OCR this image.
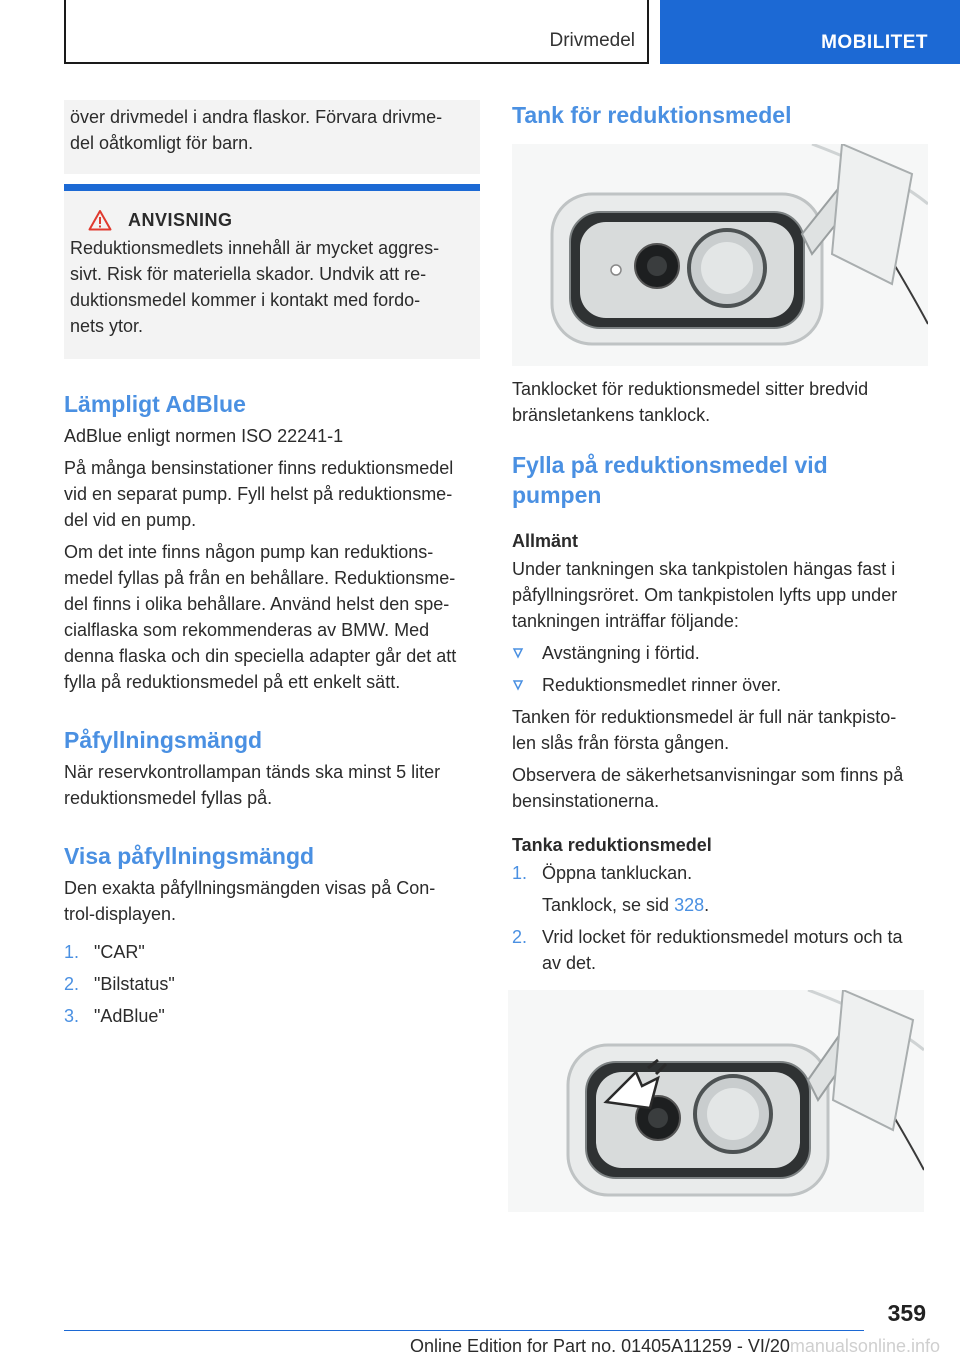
Drivmedel	MOBILITET

över drivmedel i andra flaskor. Förvara drivme-

del oåtkomligt för barn.

ANVISNING

Reduktionsmedlets innehåll är mycket aggres-

sivt. Risk för materiella skador. Undvik att re-

duktionsmedel kommer i kontakt med fordo-

nets ytor.

Lämpligt AdBlue

AdBlue enligt normen ISO 22241-1

På många bensinstationer finns reduktionsmedel

vid en separat pump. Fyll helst på reduktionsme-

del vid en pump.

Om det inte finns någon pump kan reduktions-

medel fyllas på från en behållare. Reduktionsme-

del finns i olika behållare. Använd helst den spe-

cialflaska som rekommenderas av BMW. Med

denna flaska och din speciella adapter går det att

fylla på reduktionsmedel på ett enkelt sätt.

Påfyllningsmängd

När reservkontrollampan tänds ska minst 5 liter

reduktionsmedel fyllas på.

Visa påfyllningsmängd

Den exakta påfyllningsmängden visas på Con-

trol-displayen.

1. "CAR"
2. "Bilstatus"
3. "AdBlue"
Tank för reduktionsmedel

Tanklocket för reduktionsmedel sitter bredvid

bränsletankens tanklock.

Fylla på reduktionsmedel vid
pumpen
Allmänt

Under tankningen ska tankpistolen hängas fast i

påfyllningsröret. Om tankpistolen lyfts upp under

tankningen inträffar följande:

Avstängning i förtid.
Reduktionsmedlet rinner över.

Tanken för reduktionsmedel är full när tankpisto-

len slås från första gången.

Observera de säkerhetsanvisningar som finns på

bensinstationerna.

Tanka reduktionsmedel
1. Öppna tankluckan.
Tanklock, se sid
328 .
2. Vrid locket för reduktionsmedel moturs och ta
av det.
359
Online Edition for Part no. 01405A11259 - VI/20manualsonline.info
